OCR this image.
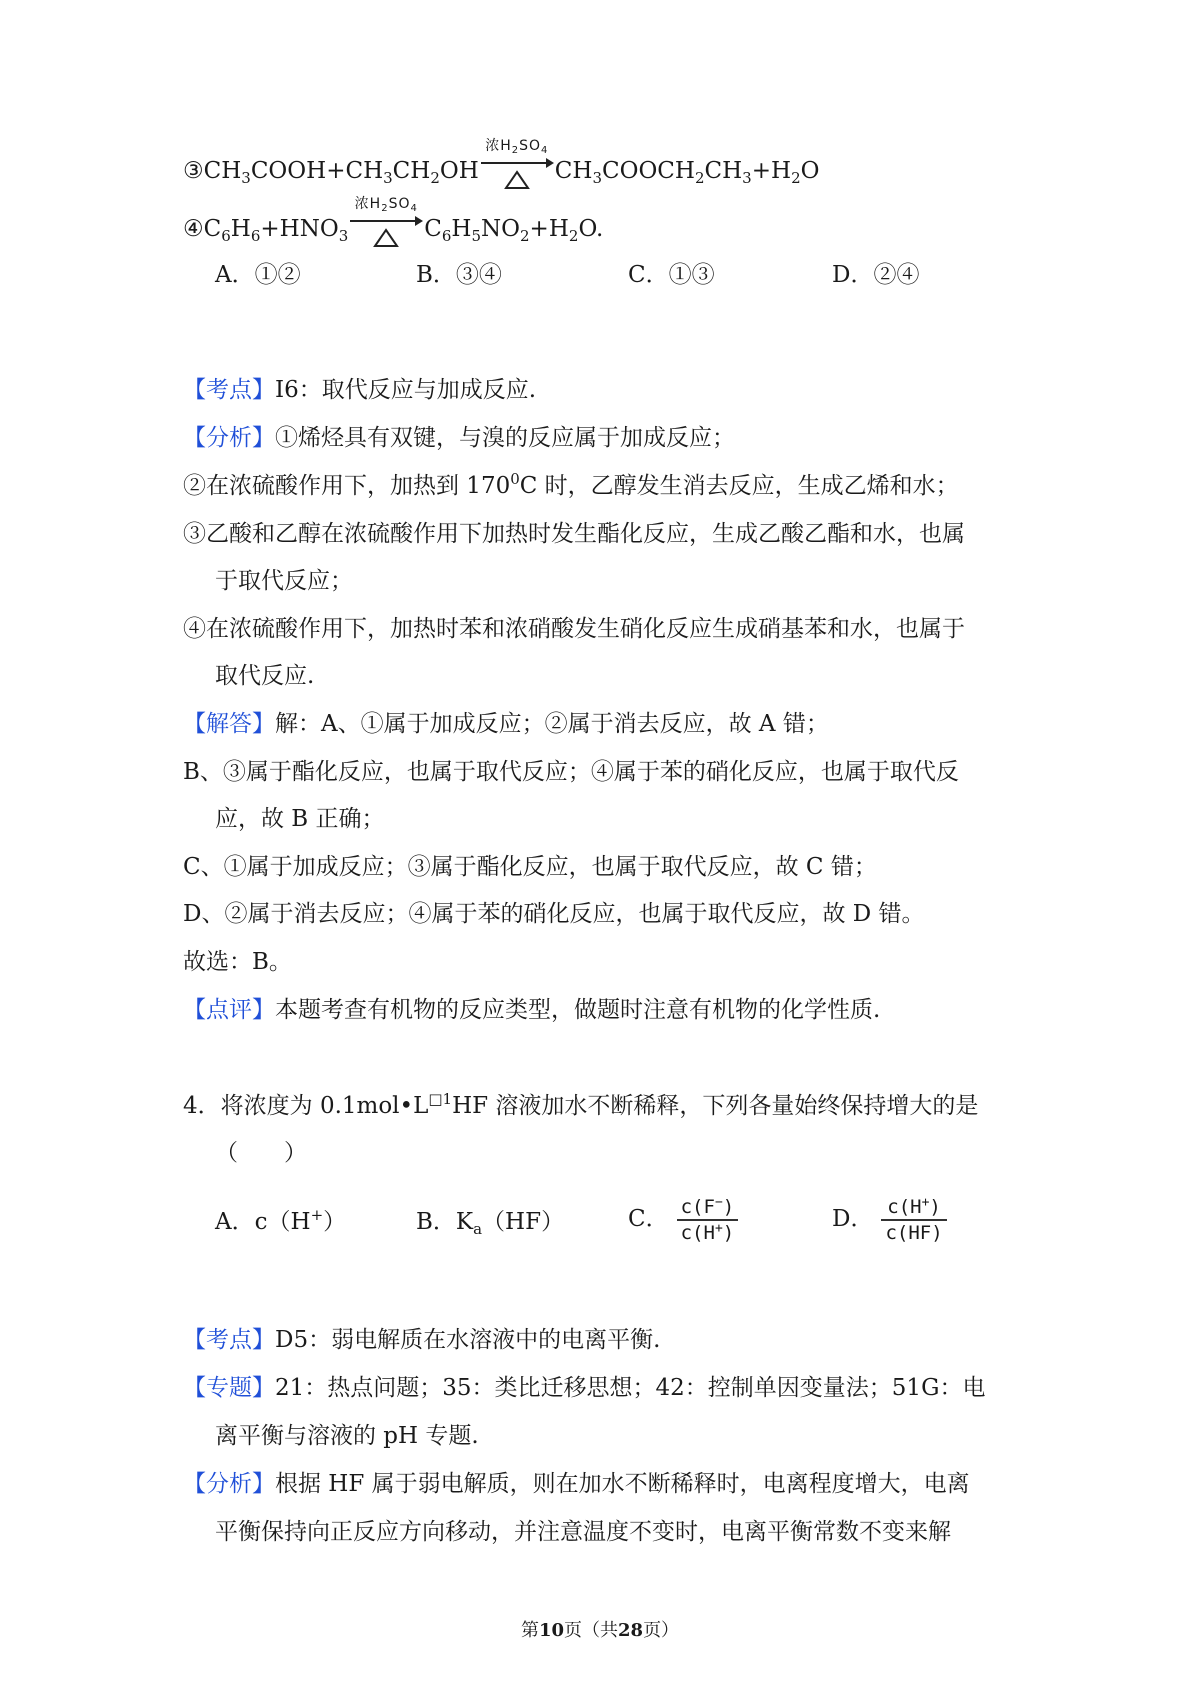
$③CH_3COOH+CH_3CH_2OH$
浓$H_2SO_4$
$CH_3COOCH_2CH_3+H_2O$
$④C_6H_6+HNO_3$
浓$H_2SO_4$
$C_6H_5NO_2+H_2O$.
A．①②	B．③④	C．①③	D．②④
【考点】I6：取代反应与加成反应.
【分析】①烯烃具有双键，与溴的反应属于加成反应；
②在浓硫酸作用下，加热到 $170^0C$ 时，乙醇发生消去反应，生成乙烯和水；
③乙酸和乙醇在浓硫酸作用下加热时发生酯化反应，生成乙酸乙酯和水，也属
于取代反应；
④在浓硫酸作用下，加热时苯和浓硝酸发生硝化反应生成硝基苯和水，也属于
取代反应.
【解答】解：A、①属于加成反应；②属于消去反应，故 A 错；
B、③属于酯化反应，也属于取代反应；④属于苯的硝化反应，也属于取代反
应，故 B 正确；
C、①属于加成反应；③属于酯化反应，也属于取代反应，故 C 错；
D、②属于消去反应；④属于苯的硝化反应，也属于取代反应，故 D 错。
故选：B。
【点评】本题考查有机物的反应类型，做题时注意有机物的化学性质.
4．将浓度为 $0.1mol•L^{□1}HF$ 溶液加水不断稀释，下列各量始终保持增大的是
（　　）
A．c（H+）	B．$K_a(HF)$	C． $\frac{c(F^-)}{c(H^+)}$	D． $\frac{c(H^+)}{c(HF)}$
【考点】D5：弱电解质在水溶液中的电离平衡.
【专题】21：热点问题；35：类比迁移思想；42：控制单因变量法；51G：电
离平衡与溶液的 pH 专题.
【分析】根据 HF 属于弱电解质，则在加水不断稀释时，电离程度增大，电离
平衡保持向正反应方向移动，并注意温度不变时，电离平衡常数不变来解
第10页（共28页）
